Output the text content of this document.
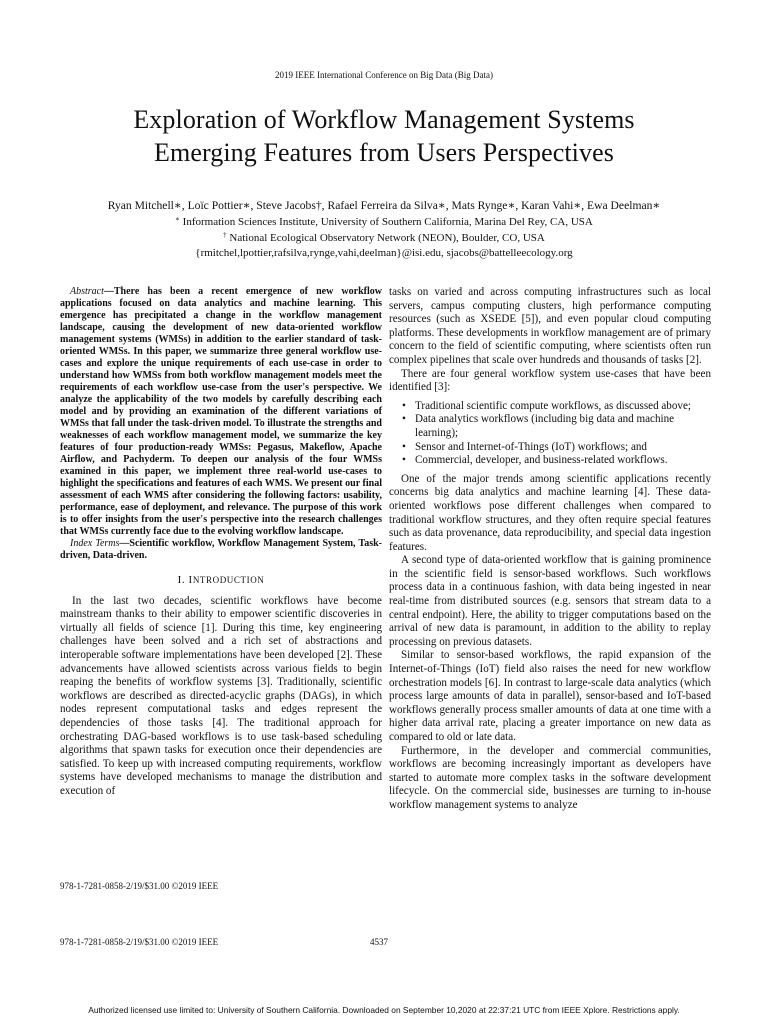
2019 IEEE International Conference on Big Data (Big Data)
Exploration of Workflow Management Systems
Emerging Features from Users Perspectives
Ryan Mitchell∗, Loïc Pottier∗, Steve Jacobs†, Rafael Ferreira da Silva∗, Mats Rynge∗, Karan Vahi∗, Ewa Deelman∗
∗ Information Sciences Institute, University of Southern California, Marina Del Rey, CA, USA
† National Ecological Observatory Network (NEON), Boulder, CO, USA
{rmitchel,lpottier,rafsilva,rynge,vahi,deelman}@isi.edu, sjacobs@battelleecology.org

Abstract—There has been a recent emergence of new workflow applications focused on data analytics and machine learning. This emergence has precipitated a change in the workflow management landscape, causing the development of new data-oriented workflow management systems (WMSs) in addition to the earlier standard of task-oriented WMSs. In this paper, we summarize three general workflow use-cases and explore the unique requirements of each use-case in order to understand how WMSs from both workflow management models meet the requirements of each workflow use-case from the user's perspective. We analyze the applicability of the two models by carefully describing each model and by providing an examination of the different variations of WMSs that fall under the task-driven model. To illustrate the strengths and weaknesses of each workflow management model, we summarize the key features of four production-ready WMSs: Pegasus, Makeflow, Apache Airflow, and Pachyderm. To deepen our analysis of the four WMSs examined in this paper, we implement three real-world use-cases to highlight the specifications and features of each WMS. We present our final assessment of each WMS after considering the following factors: usability, performance, ease of deployment, and relevance. The purpose of this work is to offer insights from the user's perspective into the research challenges that WMSs currently face due to the evolving workflow landscape.

Index Terms—Scientific workflow, Workflow Management System, Task-driven, Data-driven.

I. INTRODUCTION

In the last two decades, scientific workflows have become mainstream thanks to their ability to empower scientific discoveries in virtually all fields of science [1]. During this time, key engineering challenges have been solved and a rich set of abstractions and interoperable software implementations have been developed [2]. These advancements have allowed scientists across various fields to begin reaping the benefits of workflow systems [3]. Traditionally, scientific workflows are described as directed-acyclic graphs (DAGs), in which nodes represent computational tasks and edges represent the dependencies of those tasks [4]. The traditional approach for orchestrating DAG-based workflows is to use task-based scheduling algorithms that spawn tasks for execution once their dependencies are satisfied. To keep up with increased computing requirements, workflow systems have developed mechanisms to manage the distribution and execution of

tasks on varied and across computing infrastructures such as local servers, campus computing clusters, high performance computing resources (such as XSEDE [5]), and even popular cloud computing platforms. These developments in workflow management are of primary concern to the field of scientific computing, where scientists often run complex pipelines that scale over hundreds and thousands of tasks [2].

There are four general workflow system use-cases that have been identified [3]:

• Traditional scientific compute workflows, as discussed above;
• Data analytics workflows (including big data and machine learning);
• Sensor and Internet-of-Things (IoT) workflows; and
• Commercial, developer, and business-related workflows.

One of the major trends among scientific applications recently concerns big data analytics and machine learning [4]. These data-oriented workflows pose different challenges when compared to traditional workflow structures, and they often require special features such as data provenance, data reproducibility, and special data ingestion features.

A second type of data-oriented workflow that is gaining prominence in the scientific field is sensor-based workflows. Such workflows process data in a continuous fashion, with data being ingested in near real-time from distributed sources (e.g. sensors that stream data to a central endpoint). Here, the ability to trigger computations based on the arrival of new data is paramount, in addition to the ability to replay processing on previous datasets.

Similar to sensor-based workflows, the rapid expansion of the Internet-of-Things (IoT) field also raises the need for new workflow orchestration models [6]. In contrast to large-scale data analytics (which process large amounts of data in parallel), sensor-based and IoT-based workflows generally process smaller amounts of data at one time with a higher data arrival rate, placing a greater importance on new data as compared to old or late data.

Furthermore, in the developer and commercial communities, workflows are becoming increasingly important as developers have started to automate more complex tasks in the software development lifecycle. On the commercial side, businesses are turning to in-house workflow management systems to analyze

978-1-7281-0858-2/19/$31.00 ©2019 IEEE
978-1-7281-0858-2/19/$31.00 ©2019 IEEE	4537
Authorized licensed use limited to: University of Southern California. Downloaded on September 10,2020 at 22:37:21 UTC from IEEE Xplore. Restrictions apply.
